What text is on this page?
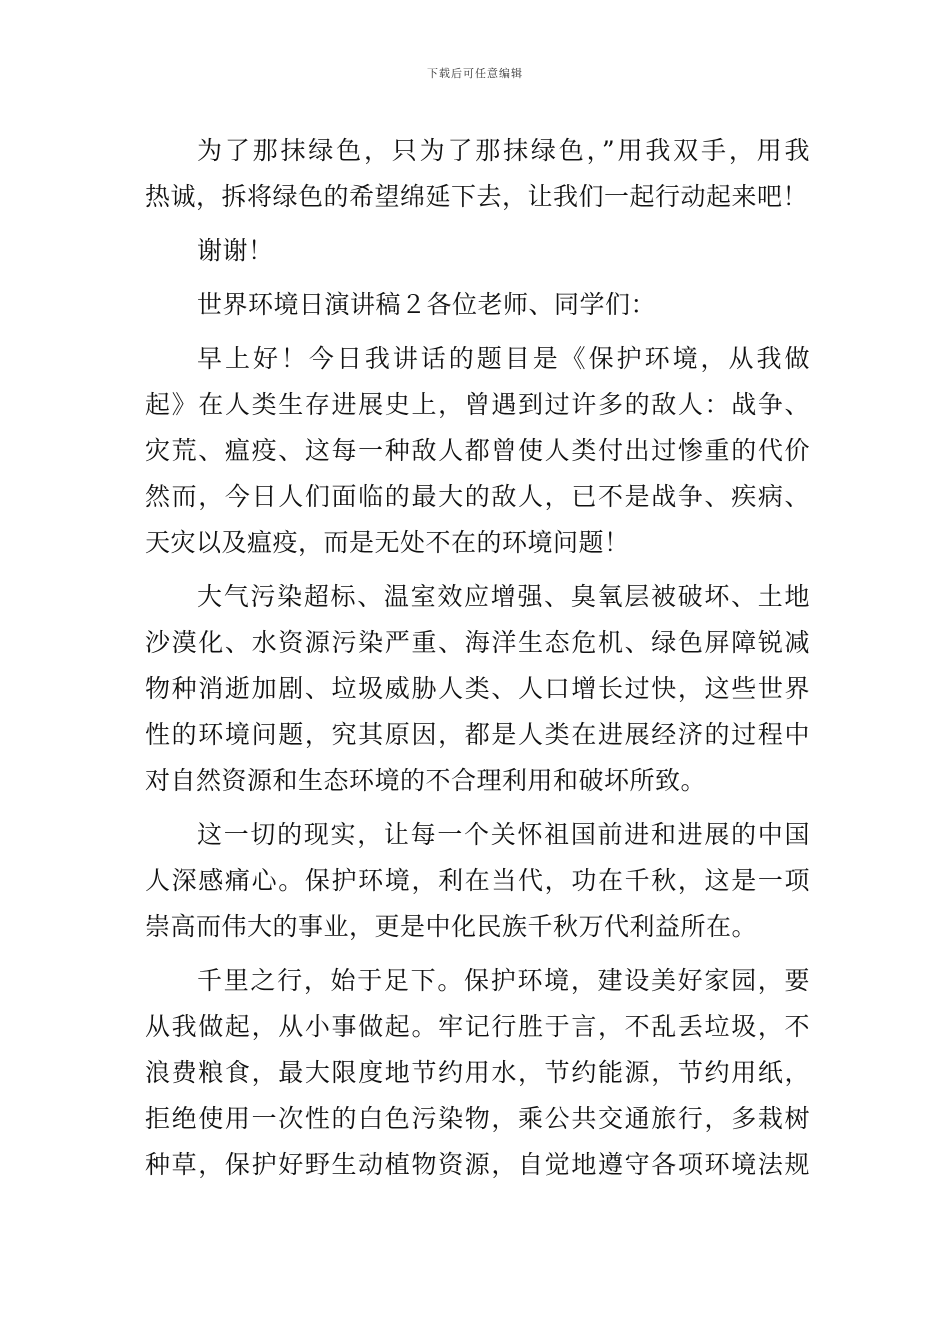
下载后可任意编辑
为了那抹绿色，只为了那抹绿色，”用我双手，用我
热诚，拆将绿色的希望绵延下去，让我们一起行动起来吧！
谢谢！
世界环境日演讲稿２各位老师、同学们：
早上好！今日我讲话的题目是《保护环境，从我做
起》在人类生存进展史上，曾遇到过许多的敌人：战争、
灾荒、瘟疫、这每一种敌人都曾使人类付出过惨重的代价
然而，今日人们面临的最大的敌人，已不是战争、疾病、
天灾以及瘟疫，而是无处不在的环境问题！
大气污染超标、温室效应增强、臭氧层被破坏、土地
沙漠化、水资源污染严重、海洋生态危机、绿色屏障锐减
物种消逝加剧、垃圾威胁人类、人口增长过快，这些世界
性的环境问题，究其原因，都是人类在进展经济的过程中
对自然资源和生态环境的不合理利用和破坏所致。
这一切的现实，让每一个关怀祖国前进和进展的中国
人深感痛心。保护环境，利在当代，功在千秋，这是一项
崇高而伟大的事业，更是中化民族千秋万代利益所在。
千里之行，始于足下。保护环境，建设美好家园，要
从我做起，从小事做起。牢记行胜于言，不乱丢垃圾，不
浪费粮食，最大限度地节约用水，节约能源，节约用纸，
拒绝使用一次性的白色污染物，乘公共交通旅行，多栽树
种草，保护好野生动植物资源，自觉地遵守各项环境法规
